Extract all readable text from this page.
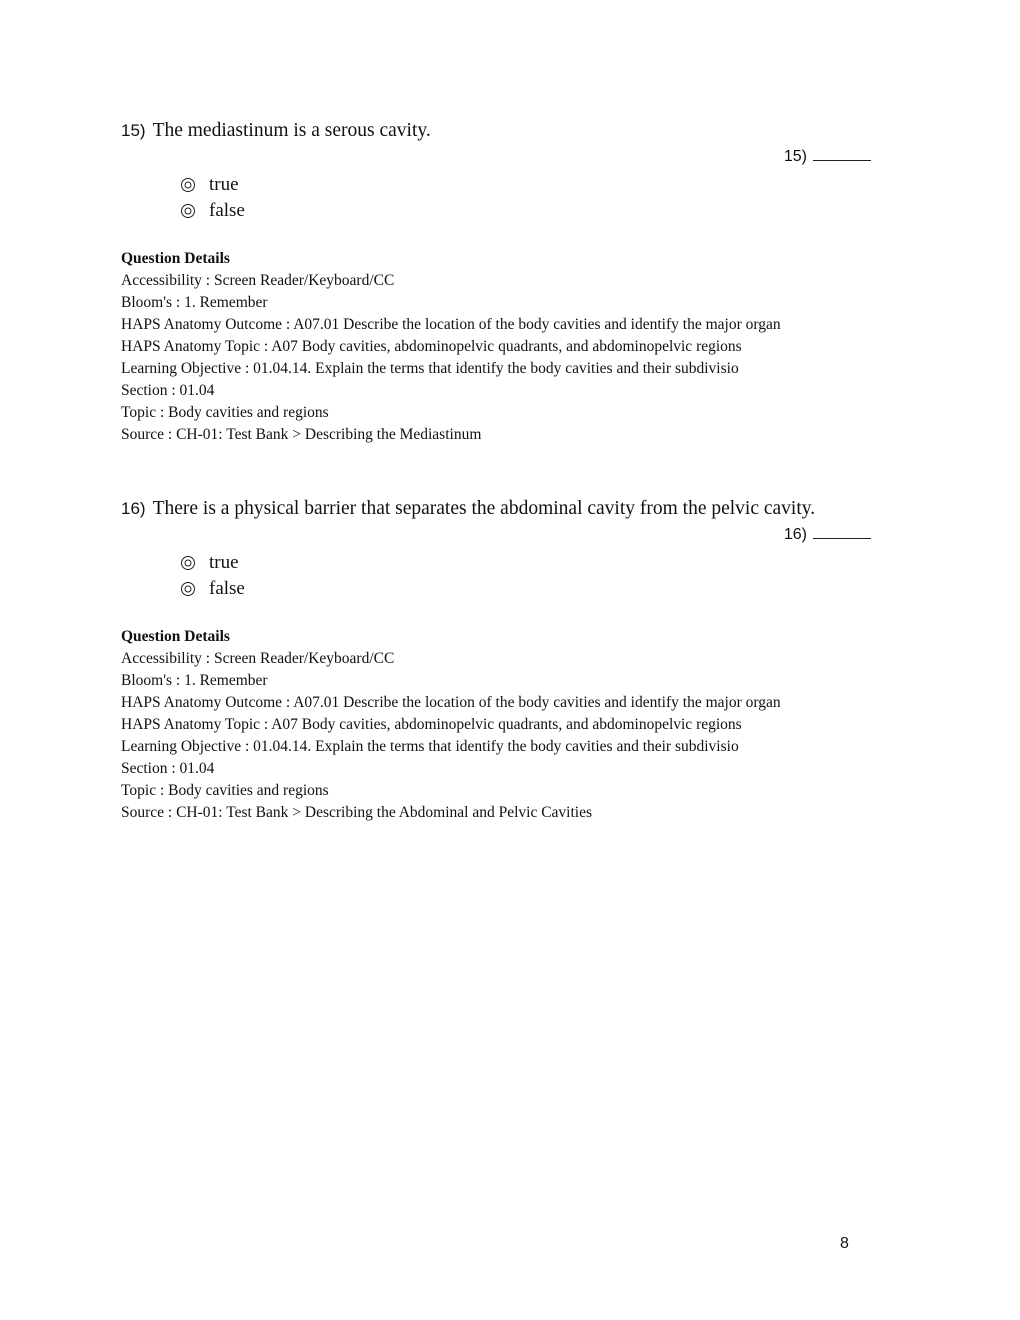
15) The mediastinum is a serous cavity.
15)
true
false
Question Details
Accessibility : Screen Reader/Keyboard/CC
Bloom's : 1. Remember
HAPS Anatomy Outcome : A07.01 Describe the location of the body cavities and identify the major organ
HAPS Anatomy Topic : A07 Body cavities, abdominopelvic quadrants, and abdominopelvic regions
Learning Objective : 01.04.14. Explain the terms that identify the body cavities and their subdivisio
Section : 01.04
Topic : Body cavities and regions
Source : CH-01: Test Bank > Describing the Mediastinum
16) There is a physical barrier that separates the abdominal cavity from the pelvic cavity.
16)
true
false
Question Details
Accessibility : Screen Reader/Keyboard/CC
Bloom's : 1. Remember
HAPS Anatomy Outcome : A07.01 Describe the location of the body cavities and identify the major organ
HAPS Anatomy Topic : A07 Body cavities, abdominopelvic quadrants, and abdominopelvic regions
Learning Objective : 01.04.14. Explain the terms that identify the body cavities and their subdivisio
Section : 01.04
Topic : Body cavities and regions
Source : CH-01: Test Bank > Describing the Abdominal and Pelvic Cavities
8
